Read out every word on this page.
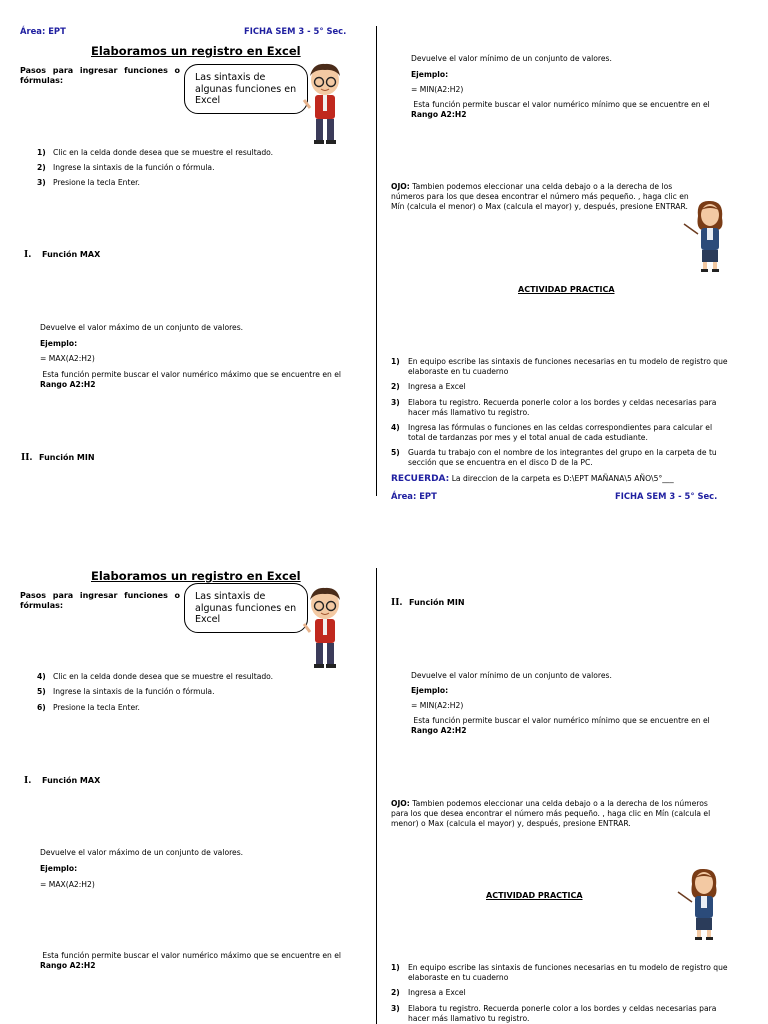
Área: EPT	FICHA SEM 3 - 5° Sec.
Elaboramos un registro en Excel
Pasos para ingresar funciones o fórmulas:	Las sintaxis de algunas funciones en Excel
1) Clic en la celda donde desea que se muestre el resultado.
2) Ingrese la sintaxis de la función o fórmula.
3) Presione la tecla Enter.
I. Función MAX
Devuelve el valor máximo de un conjunto de valores.
Ejemplo:
= MAX(A2:H2)
Esta función permite buscar el valor numérico máximo que se encuentre en el Rango A2:H2
II. Función MIN
Devuelve el valor mínimo de un conjunto de valores.
Ejemplo:
= MIN(A2:H2)
Esta función permite buscar el valor numérico mínimo que se encuentre en el Rango A2:H2
OJO: Tambien podemos eleccionar una celda debajo o a la derecha de los números para los que desea encontrar el número más pequeño. , haga clic en Mín (calcula el menor) o Max (calcula el mayor) y, después, presione ENTRAR.
ACTIVIDAD PRACTICA
1) En equipo escribe las sintaxis de funciones necesarias en tu modelo de registro que elaboraste en tu cuaderno
2) Ingresa a Excel
3) Elabora tu registro. Recuerda ponerle color a los bordes y celdas necesarias para hacer más llamativo tu registro.
4) Ingresa las fórmulas o funciones en las celdas correspondientes para calcular el total de tardanzas por mes y el total anual de cada estudiante.
5) Guarda tu trabajo con el nombre de los integrantes del grupo en la carpeta de tu sección que se encuentra en el disco D de la PC.
RECUERDA: La direccion de la carpeta es D:\EPT MAÑANA\5 AÑO\5°___
Área: EPT	FICHA SEM 3 - 5° Sec.
Elaboramos un registro en Excel
Pasos para ingresar funciones o fórmulas:
Las sintaxis de algunas funciones en Excel
4) Clic en la celda donde desea que se muestre el resultado.
5) Ingrese la sintaxis de la función o fórmula.
6) Presione la tecla Enter.
I. Función MAX
Devuelve el valor máximo de un conjunto de valores.
Ejemplo:
= MAX(A2:H2)
Esta función permite buscar el valor numérico máximo que se encuentre en el Rango A2:H2
II. Función MIN
Devuelve el valor mínimo de un conjunto de valores.
Ejemplo:
= MIN(A2:H2)
Esta función permite buscar el valor numérico mínimo que se encuentre en el Rango A2:H2
OJO: Tambien podemos eleccionar una celda debajo o a la derecha de los números para los que desea encontrar el número más pequeño. , haga clic en Mín (calcula el menor) o Max (calcula el mayor) y, después, presione ENTRAR.
ACTIVIDAD PRACTICA
1) En equipo escribe las sintaxis de funciones necesarias en tu modelo de registro que elaboraste en tu cuaderno
2) Ingresa a Excel
3) Elabora tu registro. Recuerda ponerle color a los bordes y celdas necesarias para hacer más llamativo tu registro.
